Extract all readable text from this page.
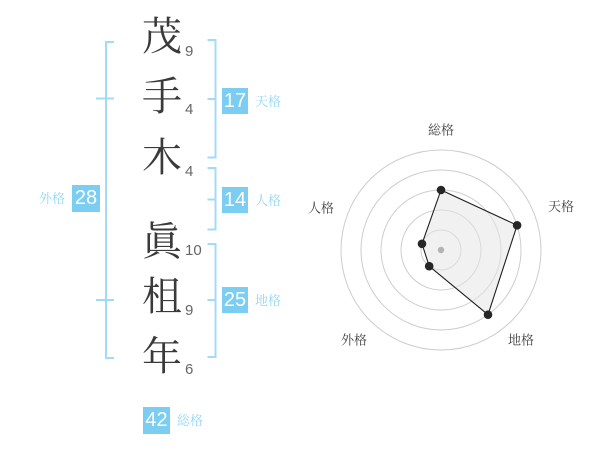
茂
手
木
眞
柤
年
9
4
4
10
9
6
17 天格
14 人格
25 地格
外格 28
42 総格
総格
天格
地格
外格
人格
